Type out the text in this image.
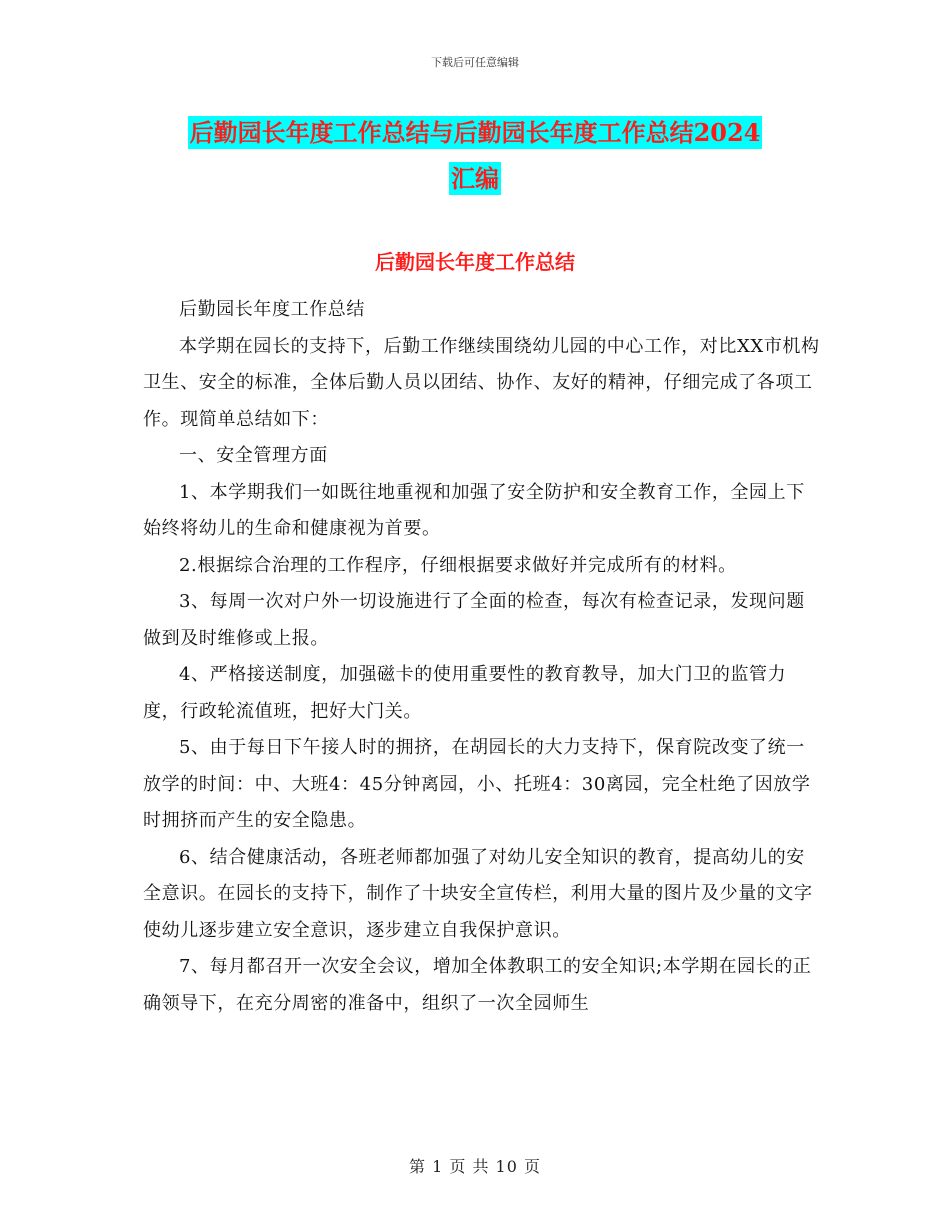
下载后可任意编辑
后勤园长年度工作总结与后勤园长年度工作总结2024
汇编
后勤园长年度工作总结

后勤园长年度工作总结

本学期在园长的支持下，后勤工作继续围绕幼儿园的中心工作，对比XX市机构卫生、安全的标准，全体后勤人员以团结、协作、友好的精神，仔细完成了各项工作。现简单总结如下：

一、安全管理方面

1、本学期我们一如既往地重视和加强了安全防护和安全教育工作，全园上下始终将幼儿的生命和健康视为首要。

2.根据综合治理的工作程序，仔细根据要求做好并完成所有的材料。

3、每周一次对户外一切设施进行了全面的检查，每次有检查记录，发现问题做到及时维修或上报。

4、严格接送制度，加强磁卡的使用重要性的教育教导，加大门卫的监管力度，行政轮流值班，把好大门关。

5、由于每日下午接人时的拥挤，在胡园长的大力支持下，保育院改变了统一放学的时间：中、大班4：45分钟离园，小、托班4：30离园，完全杜绝了因放学时拥挤而产生的安全隐患。

6、结合健康活动，各班老师都加强了对幼儿安全知识的教育，提高幼儿的安全意识。在园长的支持下，制作了十块安全宣传栏，利用大量的图片及少量的文字使幼儿逐步建立安全意识，逐步建立自我保护意识。

7、每月都召开一次安全会议，增加全体教职工的安全知识;本学期在园长的正确领导下，在充分周密的准备中，组织了一次全园师生

第 1 页 共 10 页
